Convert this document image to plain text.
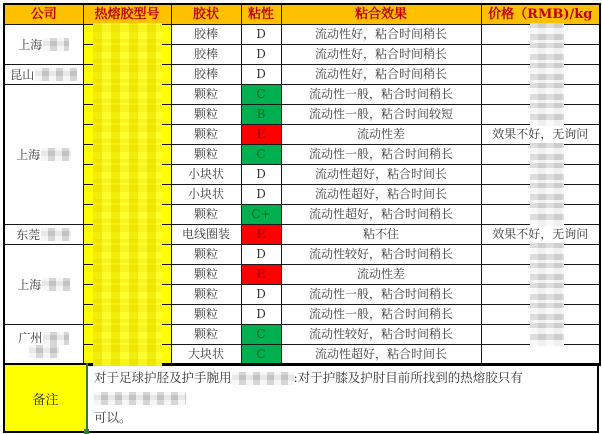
公司	热熔胶型号	胶状	粘性	粘合效果	价格（RMB)/kg

上海		胶棒	D	流动性好，粘合时间稍长	

		胶棒	D	流动性好，粘合时间稍长	

昆山		胶棒	D	流动性好，粘合时间稍长	

上海		颗粒	C	流动性一般，粘合时间稍长	

		颗粒	B	流动性一般，粘合时间较短	

		颗粒	E	流动性差	效果不好，无询问

		颗粒	C	流动性一般，粘合时间稍长	

		小块状	D	流动性超好，粘合时间长	

		小块状	D	流动性超好，粘合时间长	

		颗粒	C+	流动性超好，粘合时间稍长	

东莞		电线圈装	E	粘不住	效果不好，无询问

上海		颗粒	D	流动性较好，粘合时间稍长	

		颗粒	E	流动性差	

		颗粒	D	流动性一般，粘合时间稍长	

		颗粒	D	流动性一般，粘合时间稍长	

广州		颗粒	C	流动性较好，粘合时间稍长	

		大块状	C	流动性超好，粘合时间长	
备注
	对于足球护胫及护手腕用	:对于护膝及护肘目前所找到的热熔胶只有
可以。
